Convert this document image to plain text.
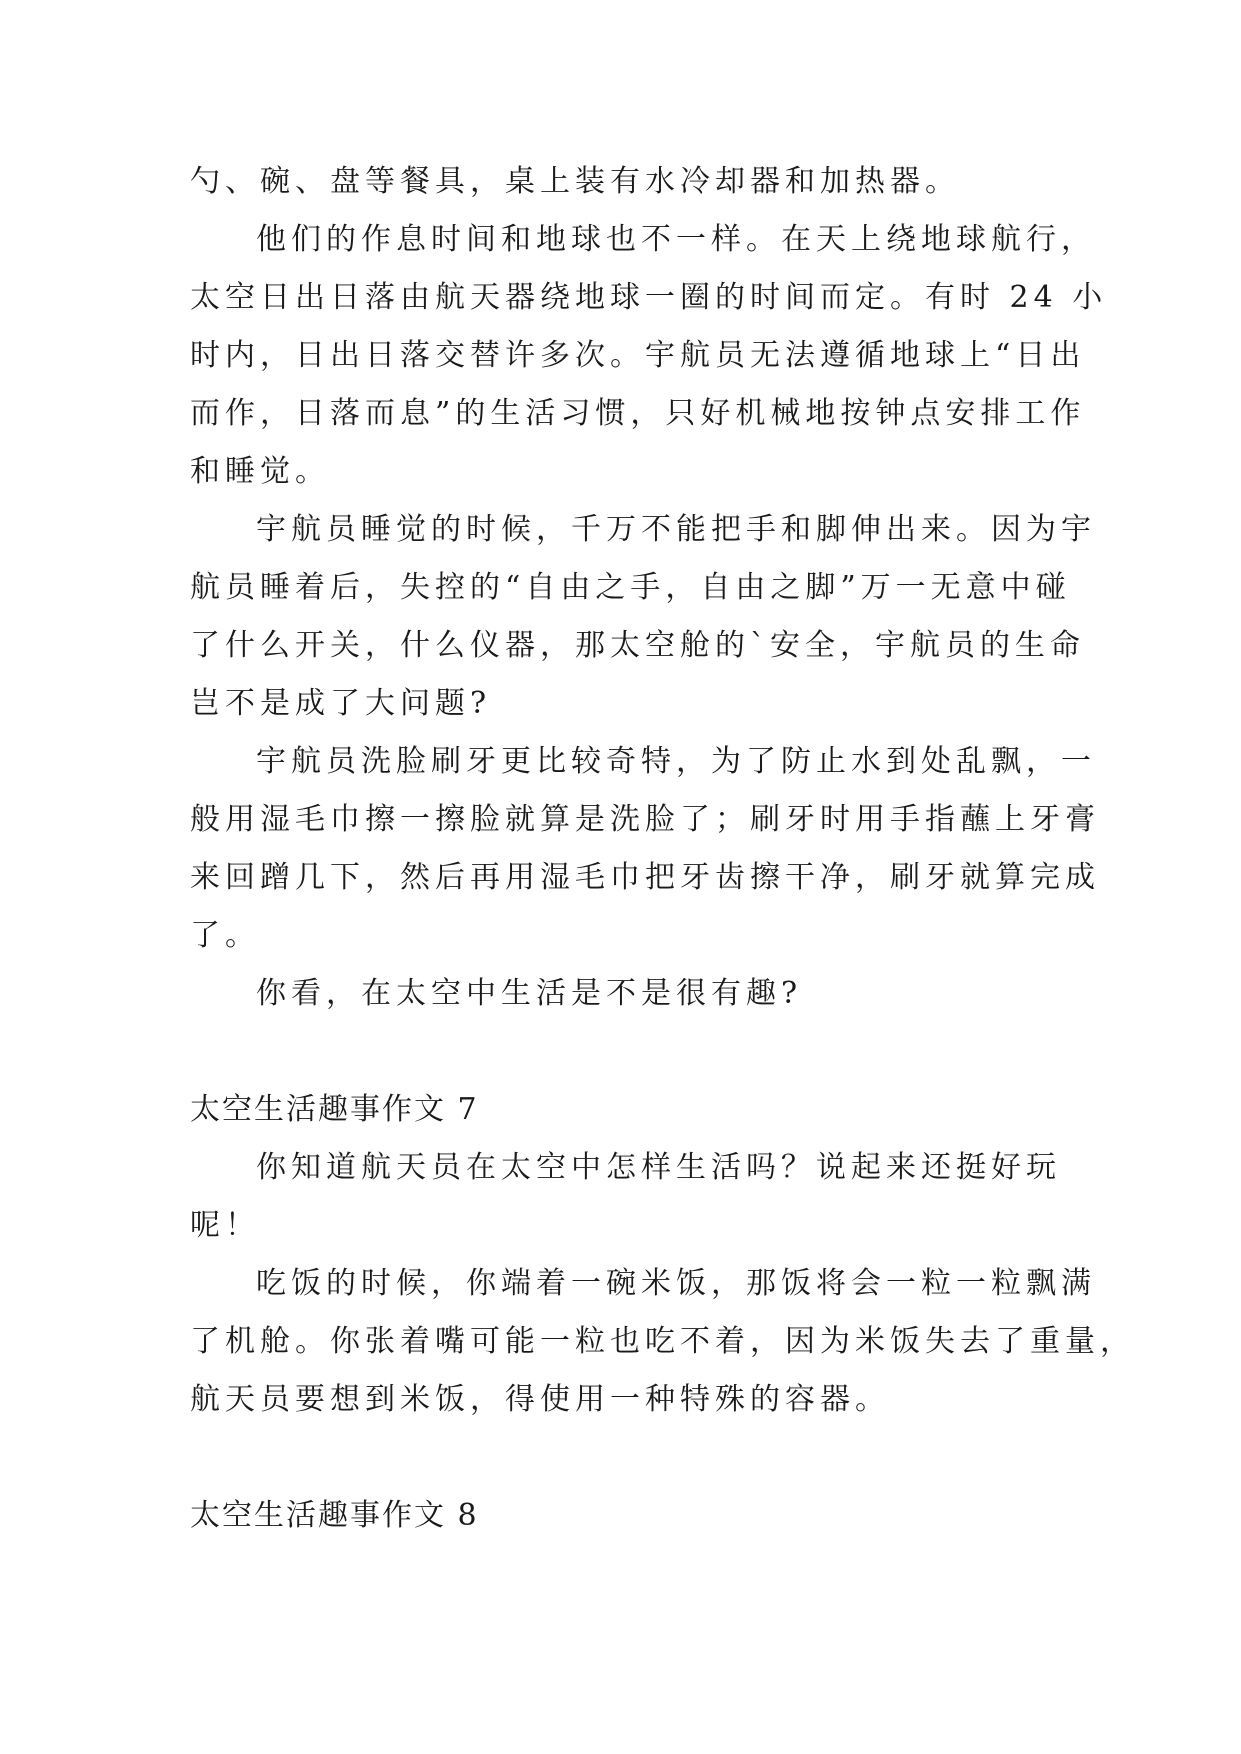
勺、碗、盘等餐具，桌上装有水冷却器和加热器。
他们的作息时间和地球也不一样。在天上绕地球航行，
太空日出日落由航天器绕地球一圈的时间而定。有时 24 小
时内，日出日落交替许多次。宇航员无法遵循地球上“日出
而作，日落而息”的生活习惯，只好机械地按钟点安排工作
和睡觉。
宇航员睡觉的时候，千万不能把手和脚伸出来。因为宇
航员睡着后，失控的“自由之手，自由之脚”万一无意中碰
了什么开关，什么仪器，那太空舱的`安全，宇航员的生命
岂不是成了大问题?
宇航员洗脸刷牙更比较奇特，为了防止水到处乱飘，一
般用湿毛巾擦一擦脸就算是洗脸了；刷牙时用手指蘸上牙膏
来回蹭几下，然后再用湿毛巾把牙齿擦干净，刷牙就算完成
了。
你看，在太空中生活是不是很有趣?
太空生活趣事作文 7
你知道航天员在太空中怎样生活吗？说起来还挺好玩
呢！
吃饭的时候，你端着一碗米饭，那饭将会一粒一粒飘满
了机舱。你张着嘴可能一粒也吃不着，因为米饭失去了重量，
航天员要想到米饭，得使用一种特殊的容器。
太空生活趣事作文 8
